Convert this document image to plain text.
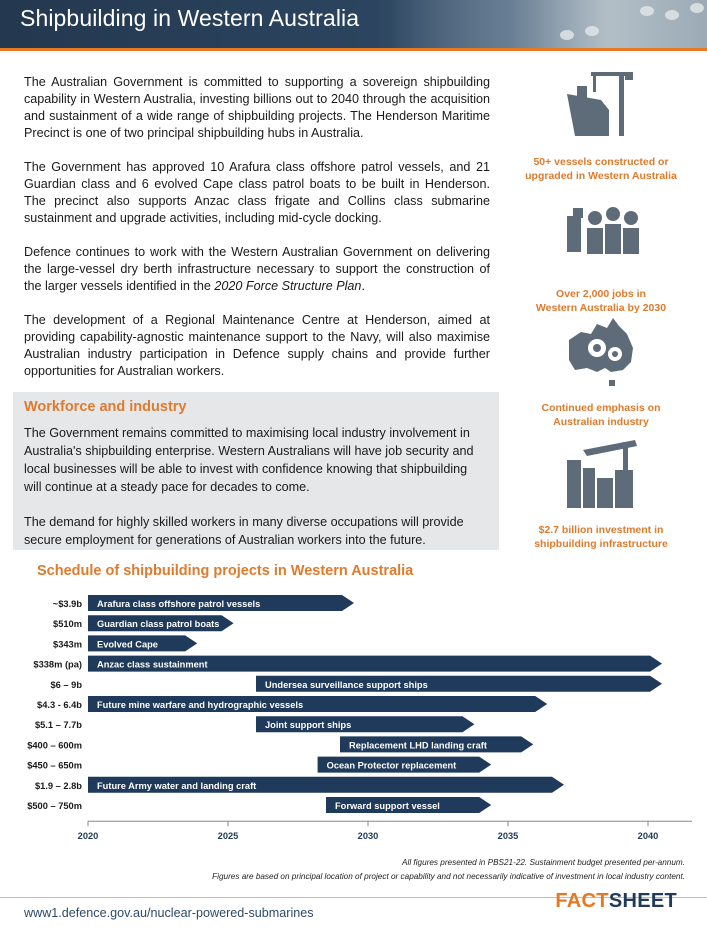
Shipbuilding in Western Australia

The Australian Government is committed to supporting a sovereign shipbuilding capability in Western Australia, investing billions out to 2040 through the acquisition and sustainment of a wide range of shipbuilding projects. The Henderson Maritime Precinct is one of two principal shipbuilding hubs in Australia.

The Government has approved 10 Arafura class offshore patrol vessels, and 21 Guardian class and 6 evolved Cape class patrol boats to be built in Henderson. The precinct also supports Anzac class frigate and Collins class submarine sustainment and upgrade activities, including mid-cycle docking.

Defence continues to work with the Western Australian Government on delivering the large-vessel dry berth infrastructure necessary to support the construction of the larger vessels identified in the 2020 Force Structure Plan.

The development of a Regional Maintenance Centre at Henderson, aimed at providing capability-agnostic maintenance support to the Navy, will also maximise Australian industry participation in Defence supply chains and provide further opportunities for Australian workers.

Workforce and industry

The Government remains committed to maximising local industry involvement in Australia's shipbuilding enterprise. Western Australians will have job security and local businesses will be able to invest with confidence knowing that shipbuilding will continue at a steady pace for decades to come.

The demand for highly skilled workers in many diverse occupations will provide secure employment for generations of Australian workers into the future.

50+ vessels constructed or
upgraded in Western Australia
Over 2,000 jobs in
Western Australia by 2030
Continued emphasis on
Australian industry
$2.7 billion investment in
shipbuilding infrastructure
Schedule of shipbuilding projects in Western Australia
Arafura class offshore patrol vessels
~$3.9b
Guardian class patrol boats
$510m
Evolved Cape
$343m
Anzac class sustainment
$338m (pa)
Undersea surveillance support ships
$6 – 9b
Future mine warfare and hydrographic vessels
$4.3 - 6.4b
Joint support ships
$5.1 – 7.7b
Replacement LHD landing craft
$400 – 600m
Ocean Protector replacement
$450 – 650m
Future Army water and landing craft
$1.9 – 2.8b
Forward support vessel
$500 – 750m
2020	2025	2030	2035	2040
All figures presented in PBS21-22. Sustainment budget presented per-annum.
Figures are based on principal location of project or capability and not necessarily indicative of investment in local industry content.
www1.defence.gov.au/nuclear-powered-submarines
FACTSHEET
